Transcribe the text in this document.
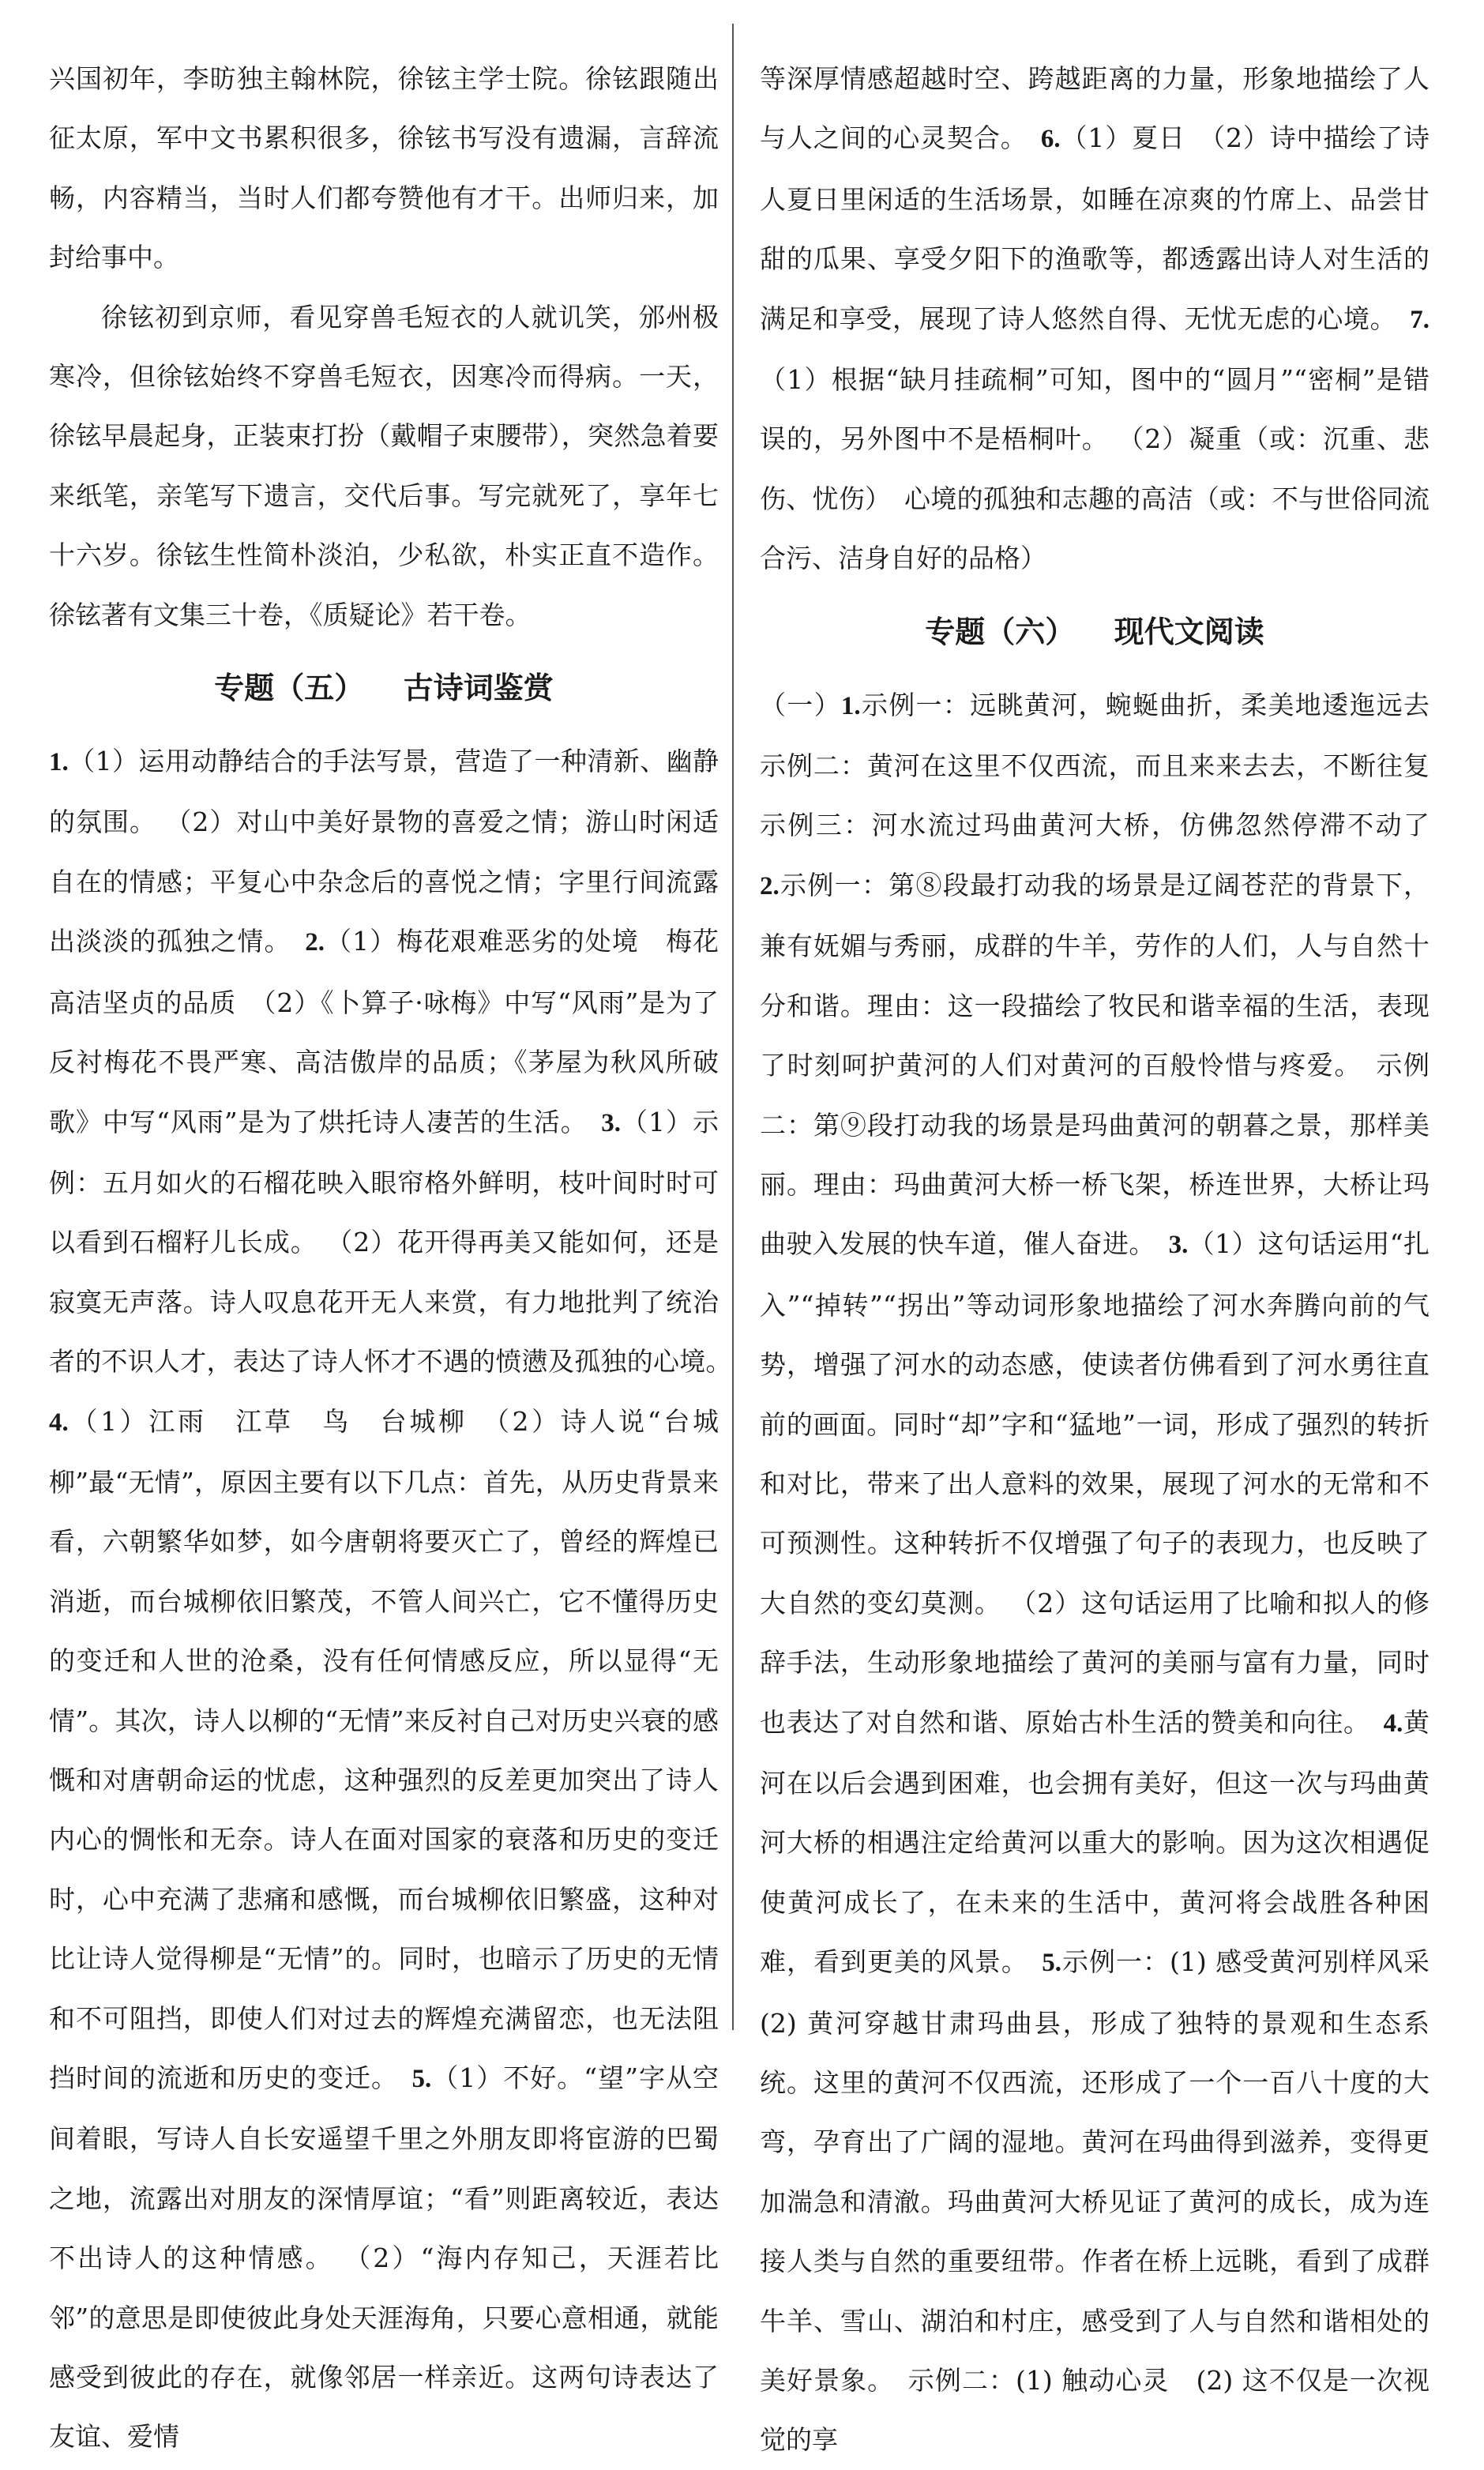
兴国初年，李昉独主翰林院，徐铉主学士院。徐铉跟随出征太原，军中文书累积很多，徐铉书写没有遗漏，言辞流畅，内容精当，当时人们都夸赞他有才干。出师归来，加封给事中。

徐铉初到京师，看见穿兽毛短衣的人就讥笑，邠州极寒冷，但徐铉始终不穿兽毛短衣，因寒冷而得病。一天，徐铉早晨起身，正装束打扮（戴帽子束腰带），突然急着要来纸笔，亲笔写下遗言，交代后事。写完就死了，享年七十六岁。徐铉生性简朴淡泊，少私欲，朴实正直不造作。徐铉著有文集三十卷，《质疑论》若干卷。

专题（五） 古诗词鉴赏

1.（1）运用动静结合的手法写景，营造了一种清新、幽静的氛围。 （2）对山中美好景物的喜爱之情；游山时闲适自在的情感；平复心中杂念后的喜悦之情；字里行间流露出淡淡的孤独之情。　 2.（1）梅花艰难恶劣的处境　梅花高洁坚贞的品质　（2）《卜算子·咏梅》中写“风雨”是为了反衬梅花不畏严寒、高洁傲岸的品质；《茅屋为秋风所破歌》中写“风雨”是为了烘托诗人凄苦的生活。　 3.（1）示例：五月如火的石榴花映入眼帘格外鲜明，枝叶间时时可以看到石榴籽儿长成。 （2）花开得再美又能如何，还是寂寞无声落。诗人叹息花开无人来赏，有力地批判了统治者的不识人才，表达了诗人怀才不遇的愤懑及孤独的心境。　4.（1）江雨　江草　鸟　台城柳　（2）诗人说“台城柳”最“无情”，原因主要有以下几点：首先，从历史背景来看，六朝繁华如梦，如今唐朝将要灭亡了，曾经的辉煌已消逝，而台城柳依旧繁茂，不管人间兴亡，它不懂得历史的变迁和人世的沧桑，没有任何情感反应，所以显得“无情”。其次，诗人以柳的“无情”来反衬自己对历史兴衰的感慨和对唐朝命运的忧虑，这种强烈的反差更加突出了诗人内心的惆怅和无奈。诗人在面对国家的衰落和历史的变迁时，心中充满了悲痛和感慨，而台城柳依旧繁盛，这种对比让诗人觉得柳是“无情”的。同时，也暗示了历史的无情和不可阻挡，即使人们对过去的辉煌充满留恋，也无法阻挡时间的流逝和历史的变迁。　 5.（1）不好。“望”字从空间着眼，写诗人自长安遥望千里之外朋友即将宦游的巴蜀之地，流露出对朋友的深情厚谊；“看”则距离较近，表达不出诗人的这种情感。 （2）“海内存知己，天涯若比邻”的意思是即使彼此身处天涯海角，只要心意相通，就能感受到彼此的存在，就像邻居一样亲近。这两句诗表达了友谊、爱情

等深厚情感超越时空、跨越距离的力量，形象地描绘了人与人之间的心灵契合。　 6.（1）夏日　（2）诗中描绘了诗人夏日里闲适的生活场景，如睡在凉爽的竹席上、品尝甘甜的瓜果、享受夕阳下的渔歌等，都透露出诗人对生活的满足和享受，展现了诗人悠然自得、无忧无虑的心境。　 7.（1）根据“缺月挂疏桐”可知，图中的“圆月”“密桐”是错误的，另外图中不是梧桐叶。 （2）凝重（或：沉重、悲伤、忧伤）　心境的孤独和志趣的高洁（或：不与世俗同流合污、洁身自好的品格）

专题（六） 现代文阅读

（一）1.示例一：远眺黄河，蜿蜒曲折，柔美地逶迤远去　示例二：黄河在这里不仅西流，而且来来去去，不断往复　示例三：河水流过玛曲黄河大桥，仿佛忽然停滞不动了　2.示例一：第⑧段最打动我的场景是辽阔苍茫的背景下，兼有妩媚与秀丽，成群的牛羊，劳作的人们，人与自然十分和谐。理由：这一段描绘了牧民和谐幸福的生活，表现了时刻呵护黄河的人们对黄河的百般怜惜与疼爱。　示例二：第⑨段打动我的场景是玛曲黄河的朝暮之景，那样美丽。理由：玛曲黄河大桥一桥飞架，桥连世界，大桥让玛曲驶入发展的快车道，催人奋进。　 3.（1）这句话运用“扎入”“掉转”“拐出”等动词形象地描绘了河水奔腾向前的气势，增强了河水的动态感，使读者仿佛看到了河水勇往直前的画面。同时“却”字和“猛地”一词，形成了强烈的转折和对比，带来了出人意料的效果，展现了河水的无常和不可预测性。这种转折不仅增强了句子的表现力，也反映了大自然的变幻莫测。 （2）这句话运用了比喻和拟人的修辞手法，生动形象地描绘了黄河的美丽与富有力量，同时也表达了对自然和谐、原始古朴生活的赞美和向往。　 4.黄河在以后会遇到困难，也会拥有美好，但这一次与玛曲黄河大桥的相遇注定给黄河以重大的影响。因为这次相遇促使黄河成长了，在未来的生活中，黄河将会战胜各种困难，看到更美的风景。　 5.示例一：(1) 感受黄河别样风采　(2) 黄河穿越甘肃玛曲县，形成了独特的景观和生态系统。这里的黄河不仅西流，还形成了一个一百八十度的大弯，孕育出了广阔的湿地。黄河在玛曲得到滋养，变得更加湍急和清澈。玛曲黄河大桥见证了黄河的成长，成为连接人类与自然的重要纽带。作者在桥上远眺，看到了成群牛羊、雪山、湖泊和村庄，感受到了人与自然和谐相处的美好景象。　示例二：(1) 触动心灵　(2) 这不仅是一次视觉的享
